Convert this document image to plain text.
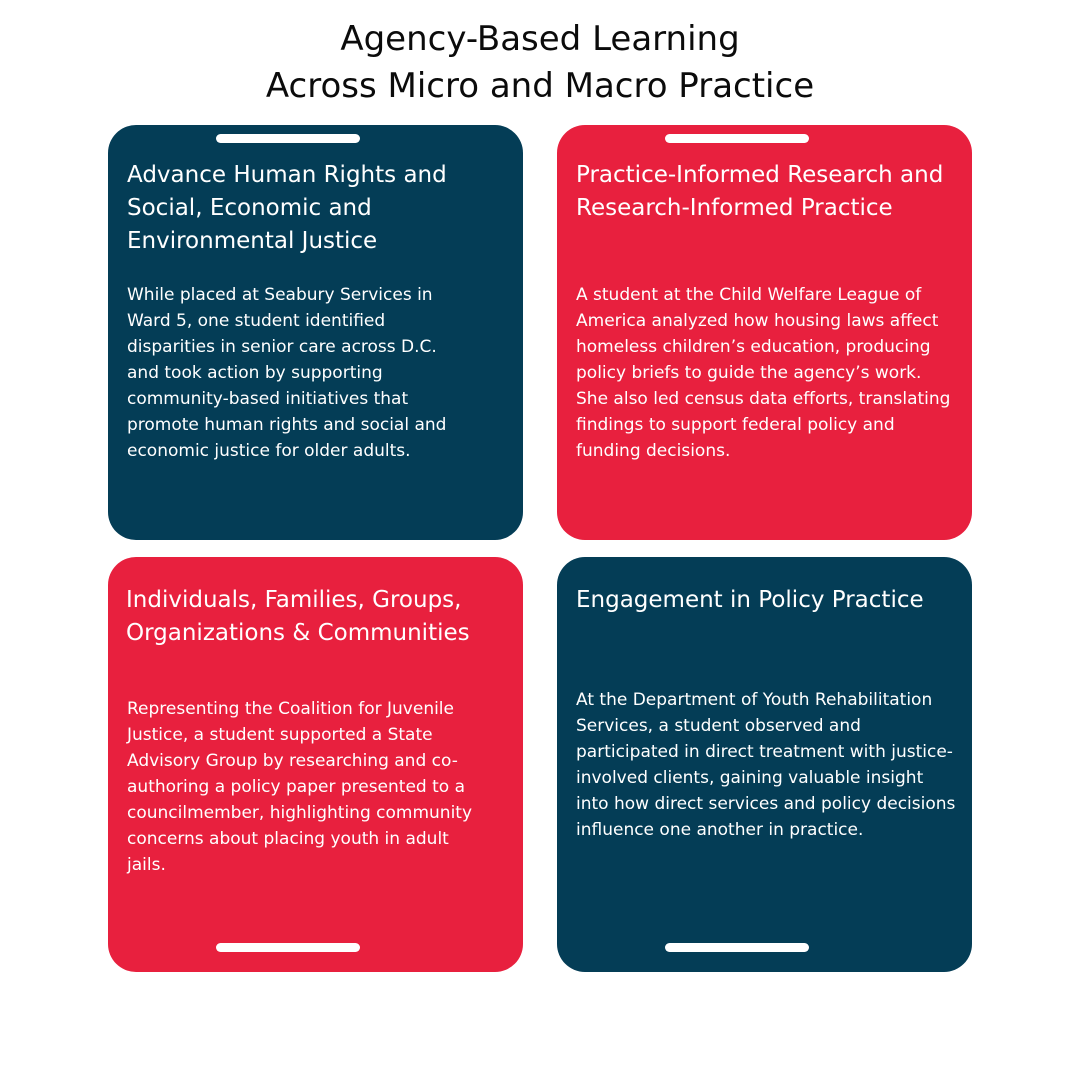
Agency-Based Learning
Across Micro and Macro Practice
Advance Human Rights and Social, Economic and Environmental Justice

While placed at Seabury Services in Ward 5, one student identified disparities in senior care across D.C. and took action by supporting community-based initiatives that promote human rights and social and economic justice for older adults.

Practice-Informed Research and Research-Informed Practice

A student at the Child Welfare League of America analyzed how housing laws affect homeless children’s education, producing policy briefs to guide the agency’s work. She also led census data efforts, translating findings to support federal policy and funding decisions.

Individuals, Families, Groups, Organizations & Communities

Representing the Coalition for Juvenile Justice, a student supported a State Advisory Group by researching and co-authoring a policy paper presented to a councilmember, highlighting community concerns about placing youth in adult jails.

Engagement in Policy Practice

At the Department of Youth Rehabilitation Services, a student observed and participated in direct treatment with justice-involved clients, gaining valuable insight into how direct services and policy decisions influence one another in practice.
